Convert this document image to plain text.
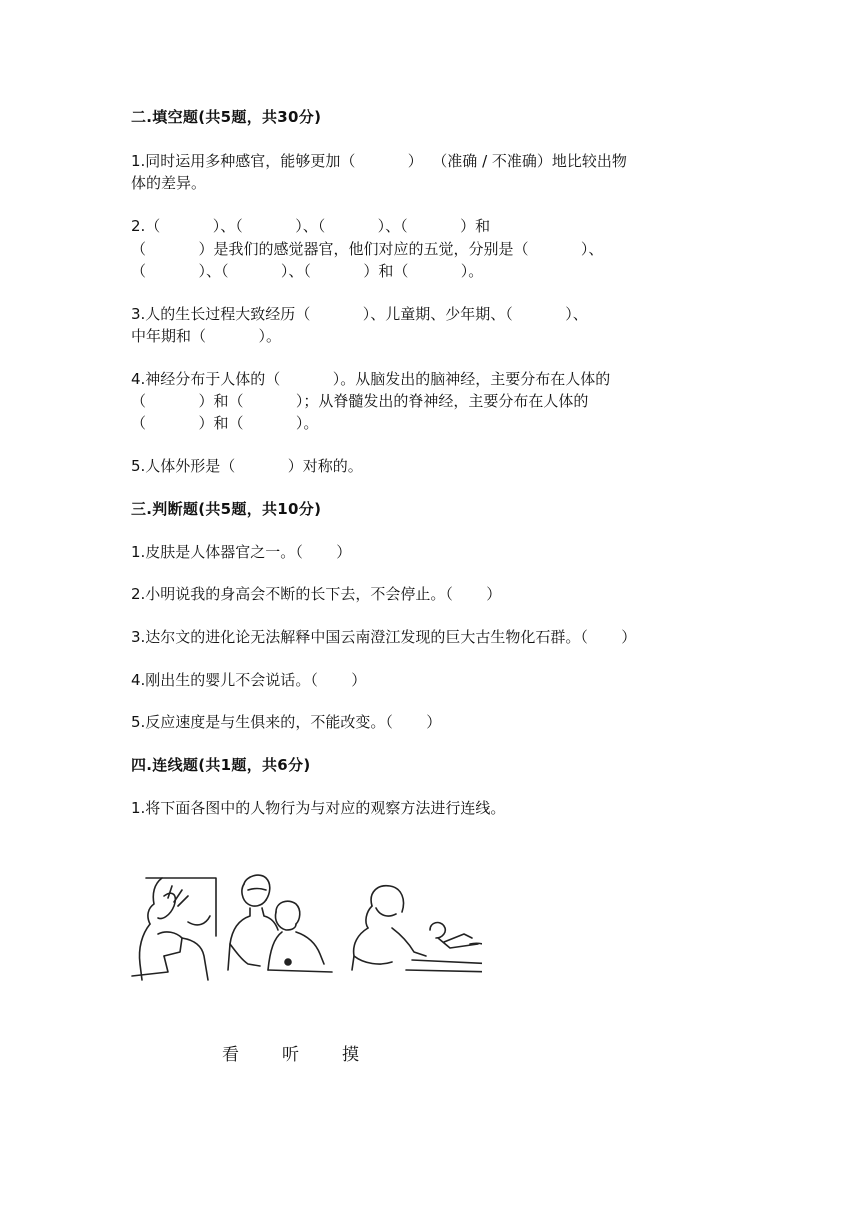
二.填空题(共5题，共30分)
1.同时运用多种感官，能够更加（           ）  （准确 / 不准确）地比较出物
体的差异。
2.（           ）、（           ）、（           ）、（           ）和
（           ）是我们的感觉器官，他们对应的五觉，分别是（           ）、
（           ）、（           ）、（           ）和（           ）。
3.人的生长过程大致经历（           ）、儿童期、少年期、（           ）、
中年期和（           ）。
4.神经分布于人体的（           ）。从脑发出的脑神经，主要分布在人体的
（           ）和（           ）；从脊髓发出的脊神经，主要分布在人体的
（           ）和（           ）。
5.人体外形是（           ）对称的。
三.判断题(共5题，共10分)
1.皮肤是人体器官之一。（       ）
2.小明说我的身高会不断的长下去，不会停止。（       ）
3.达尔文的进化论无法解释中国云南澄江发现的巨大古生物化石群。（       ）
4.刚出生的婴儿不会说话。（       ）
5.反应速度是与生俱来的，不能改变。（       ）
四.连线题(共1题，共6分)
1.将下面各图中的人物行为与对应的观察方法进行连线。
看	听	摸
